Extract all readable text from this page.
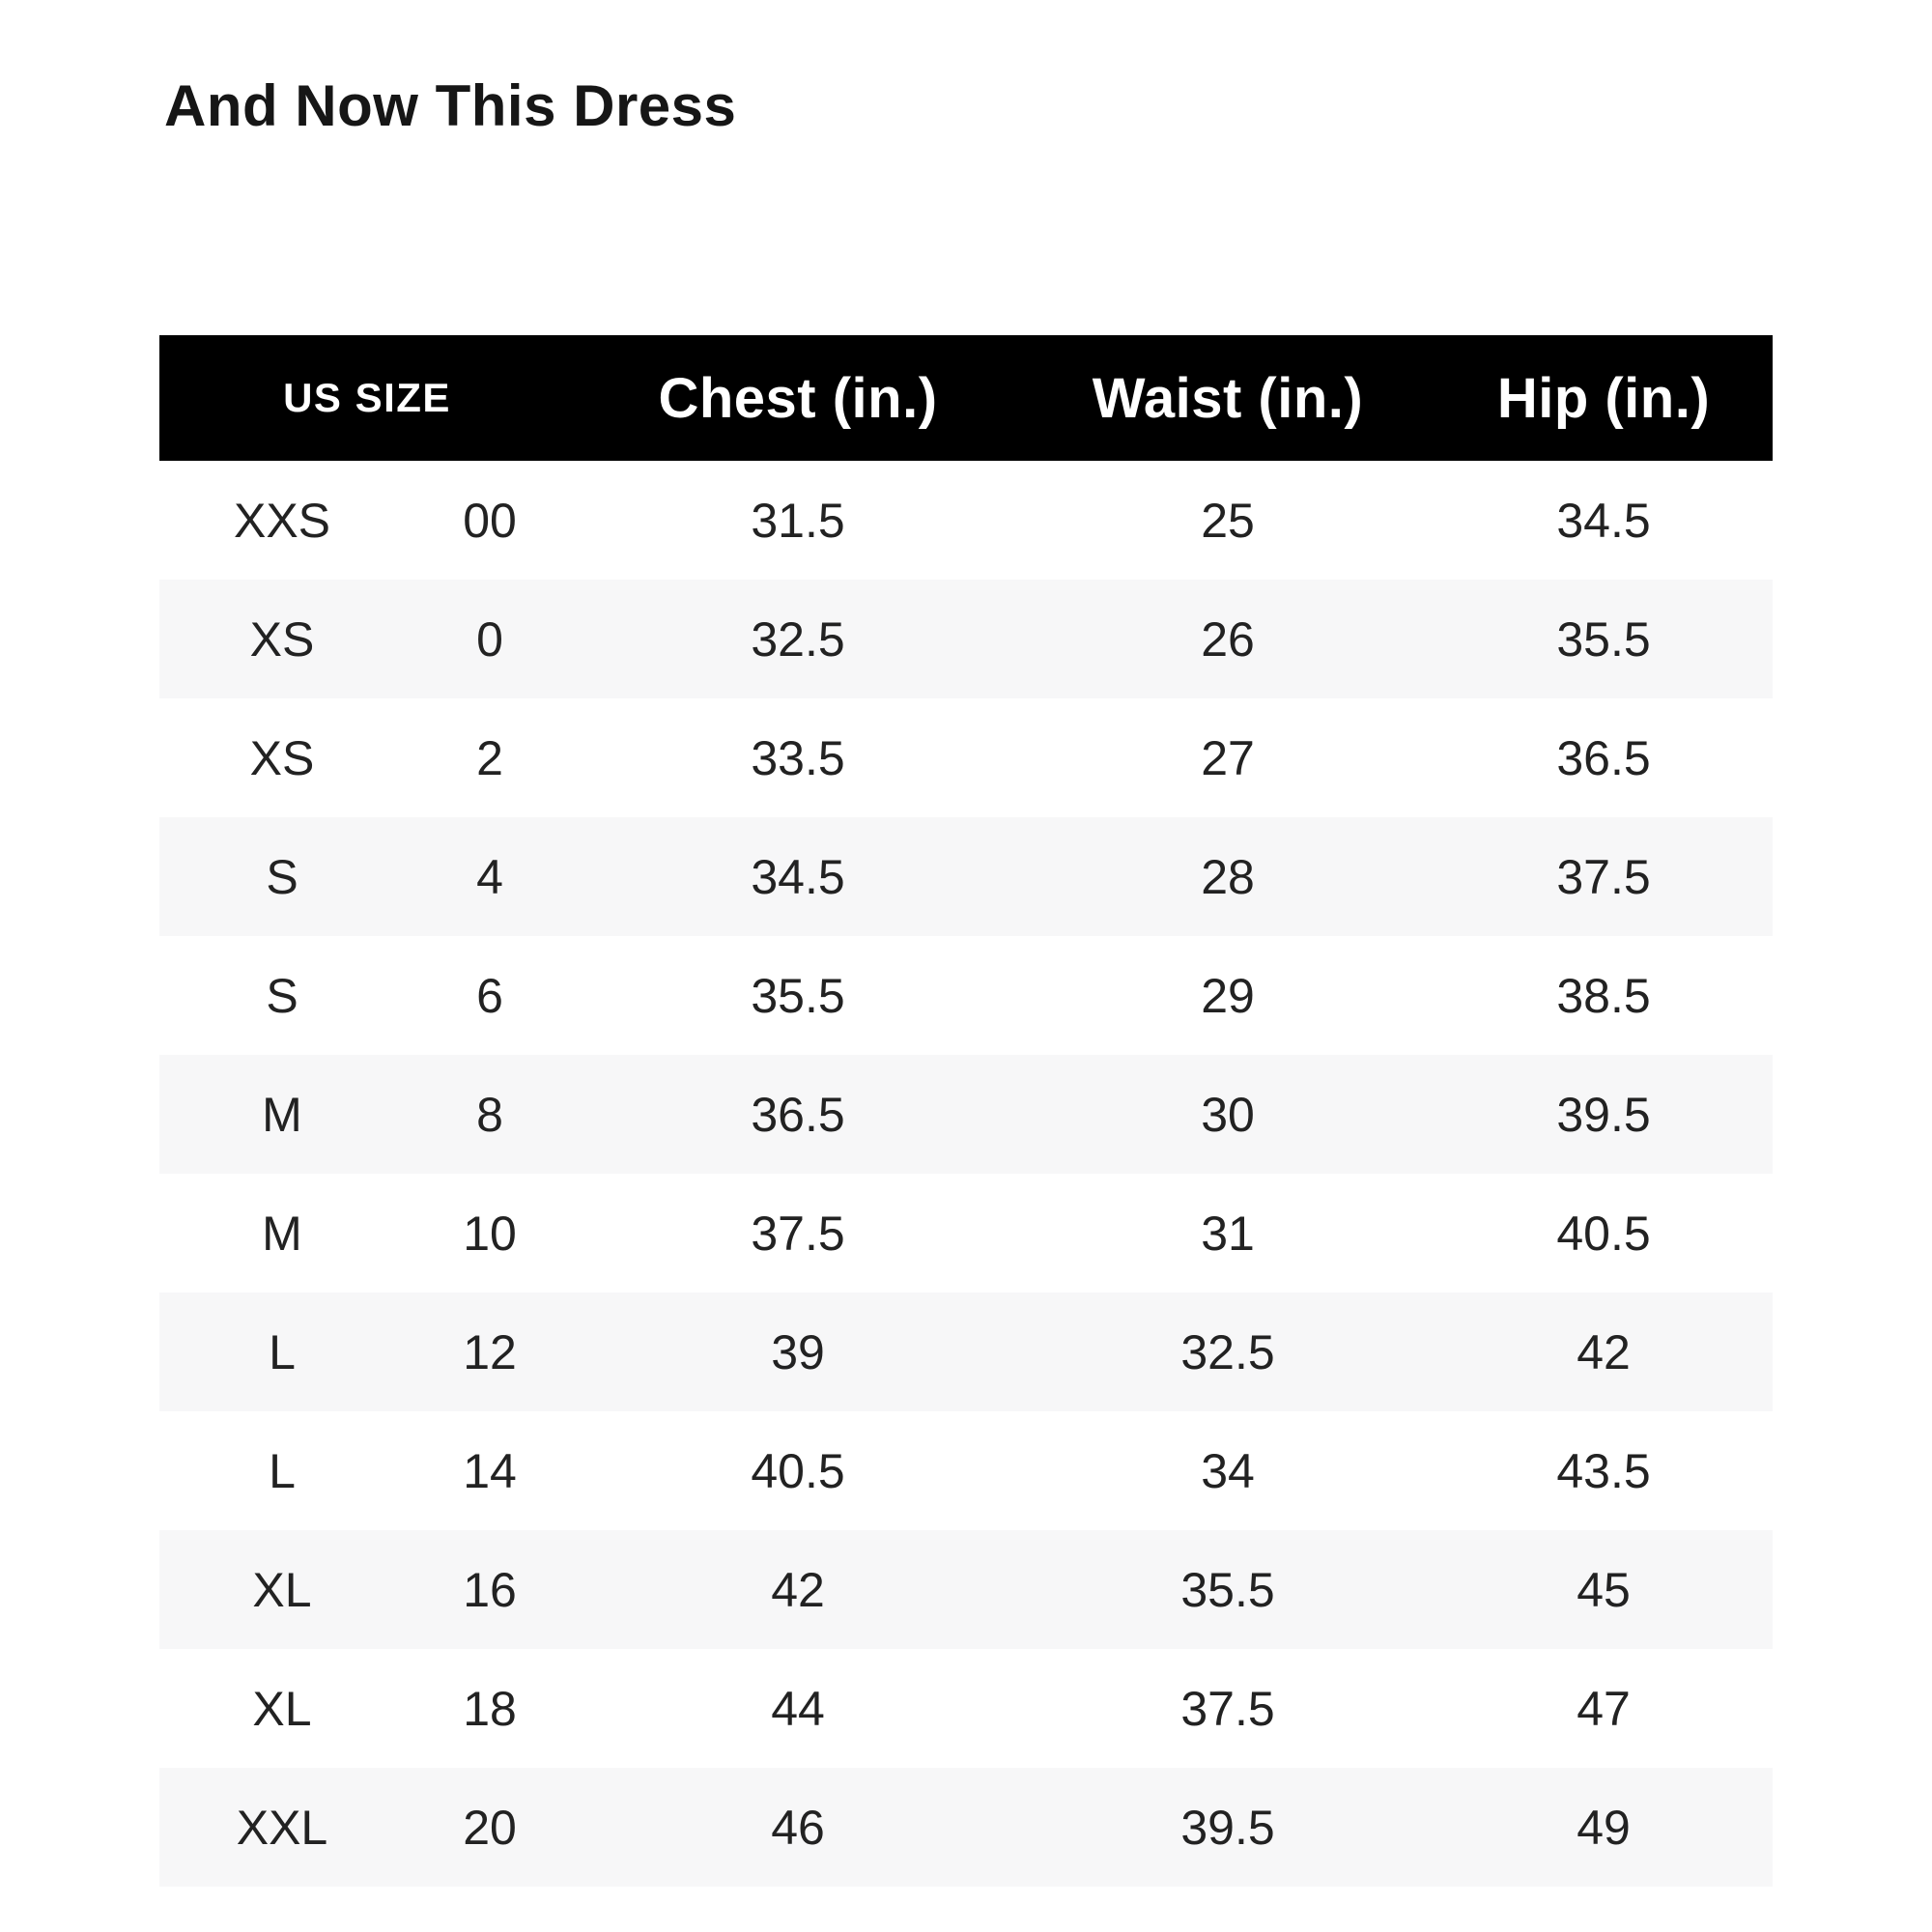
And Now This Dress
US SIZE		Chest (in.)	Waist (in.)	Hip (in.)
XXS	00	31.5	25	34.5
XS	0	32.5	26	35.5
XS	2	33.5	27	36.5
S	4	34.5	28	37.5
S	6	35.5	29	38.5
M	8	36.5	30	39.5
M	10	37.5	31	40.5
L	12	39	32.5	42
L	14	40.5	34	43.5
XL	16	42	35.5	45
XL	18	44	37.5	47
XXL	20	46	39.5	49
